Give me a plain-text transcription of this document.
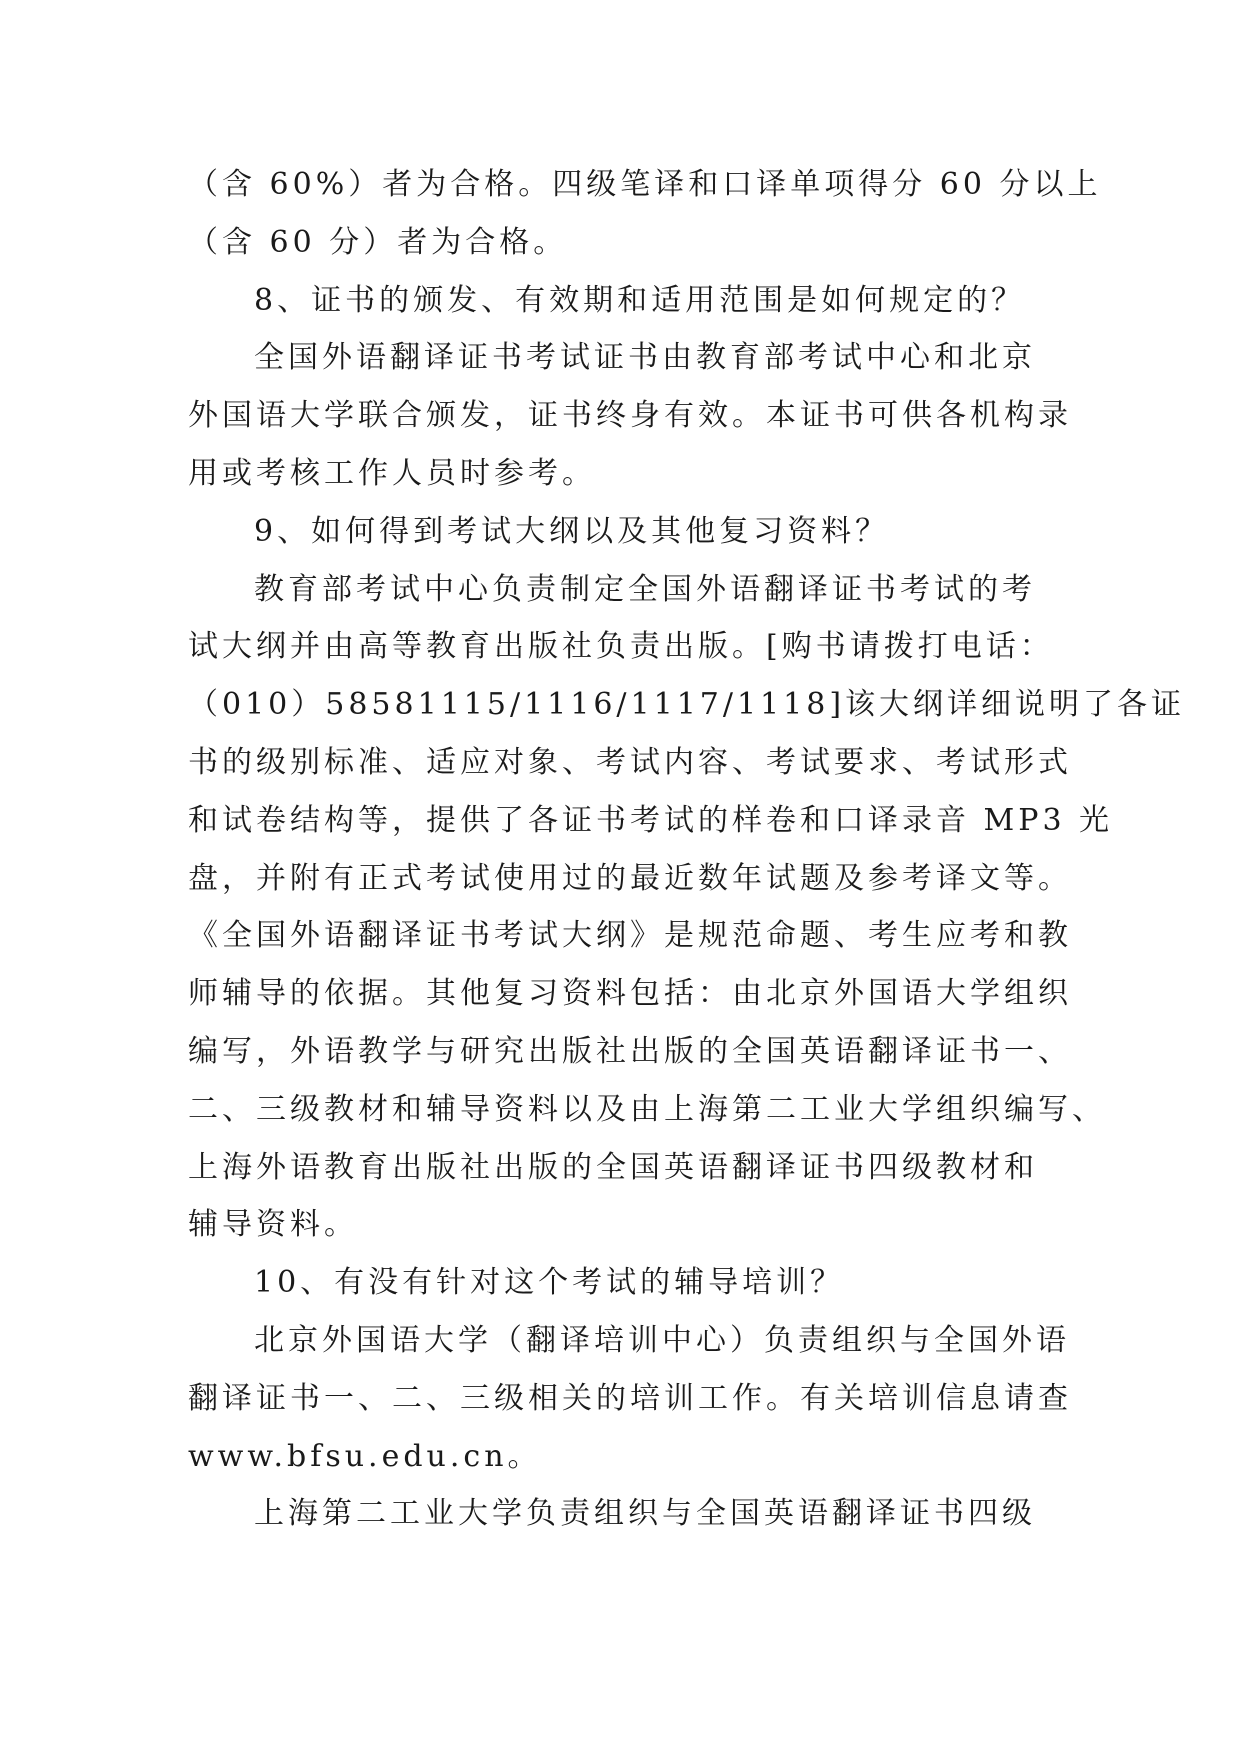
（含 60%）者为合格。四级笔译和口译单项得分 60 分以上
（含 60 分）者为合格。
8、证书的颁发、有效期和适用范围是如何规定的？
全国外语翻译证书考试证书由教育部考试中心和北京
外国语大学联合颁发，证书终身有效。本证书可供各机构录
用或考核工作人员时参考。
9、如何得到考试大纲以及其他复习资料？
教育部考试中心负责制定全国外语翻译证书考试的考
试大纲并由高等教育出版社负责出版。[购书请拨打电话：
（010）58581115/1116/1117/1118]该大纲详细说明了各证
书的级别标准、适应对象、考试内容、考试要求、考试形式
和试卷结构等，提供了各证书考试的样卷和口译录音 MP3 光
盘，并附有正式考试使用过的最近数年试题及参考译文等。
《全国外语翻译证书考试大纲》是规范命题、考生应考和教
师辅导的依据。其他复习资料包括：由北京外国语大学组织
编写，外语教学与研究出版社出版的全国英语翻译证书一、
二、三级教材和辅导资料以及由上海第二工业大学组织编写、
上海外语教育出版社出版的全国英语翻译证书四级教材和
辅导资料。
10、有没有针对这个考试的辅导培训？
北京外国语大学（翻译培训中心）负责组织与全国外语
翻译证书一、二、三级相关的培训工作。有关培训信息请查
www.bfsu.edu.cn。
上海第二工业大学负责组织与全国英语翻译证书四级
